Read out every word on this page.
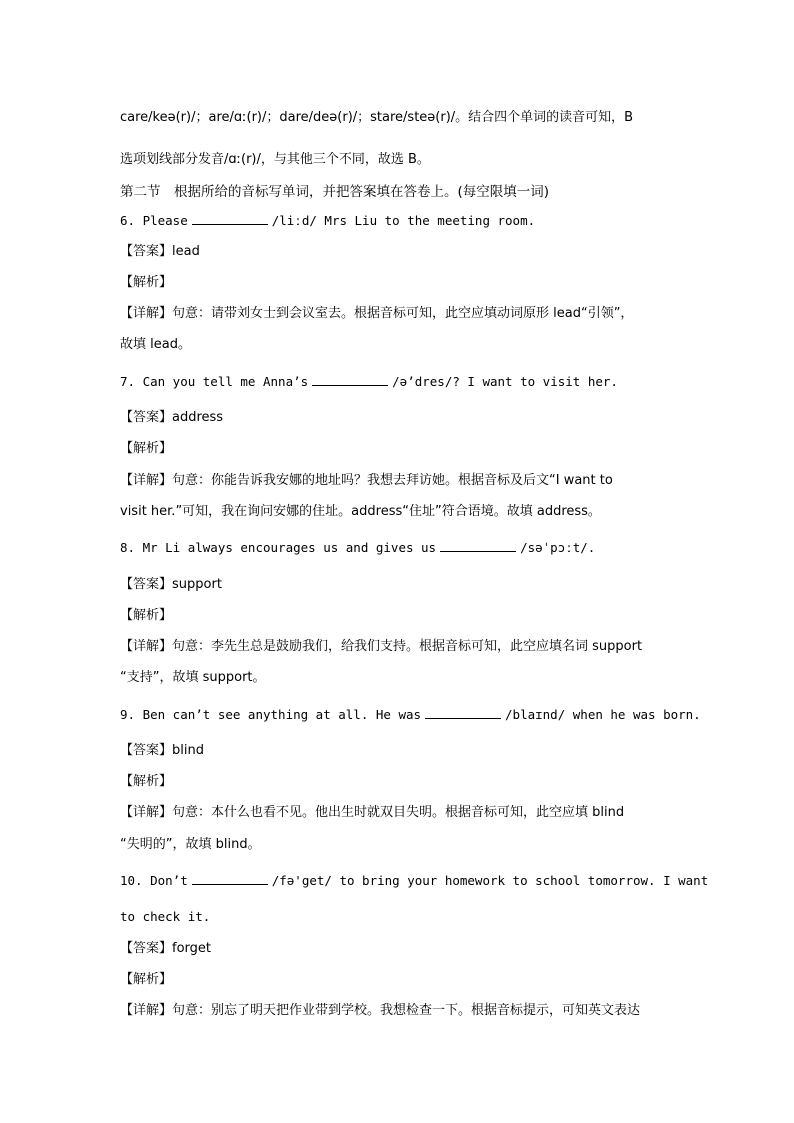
care/keə(r)/；are/ɑː(r)/；dare/deə(r)/；stare/steə(r)/。结合四个单词的读音可知，B
选项划线部分发音/ɑː(r)/，与其他三个不同，故选 B。
第二节　根据所给的音标写单词，并把答案填在答卷上。(每空限填一词)
6. Please	/liːd/ Mrs Liu to the meeting room.
【答案】lead
【解析】
【详解】句意：请带刘女士到会议室去。根据音标可知，此空应填动词原形 lead“引领”，
故填 lead。
7. Can you tell me Anna’s	/ə’dres/? I want to visit her.
【答案】address
【解析】
【详解】句意：你能告诉我安娜的地址吗？我想去拜访她。根据音标及后文“I want to
visit her.”可知，我在询问安娜的住址。address“住址”符合语境。故填 address。
8. Mr Li always encourages us and gives us	/səˈpɔːt/.
【答案】support
【解析】
【详解】句意：李先生总是鼓励我们，给我们支持。根据音标可知，此空应填名词 support
“支持”，故填 support。
9. Ben can’t see anything at all. He was	/blaɪnd/ when he was born.
【答案】blind
【解析】
【详解】句意：本什么也看不见。他出生时就双目失明。根据音标可知，此空应填 blind
“失明的”，故填 blind。
10. Don’t	/fə'get/ to bring your homework to school tomorrow. I want
to check it.
【答案】forget
【解析】
【详解】句意：别忘了明天把作业带到学校。我想检查一下。根据音标提示，可知英文表达
